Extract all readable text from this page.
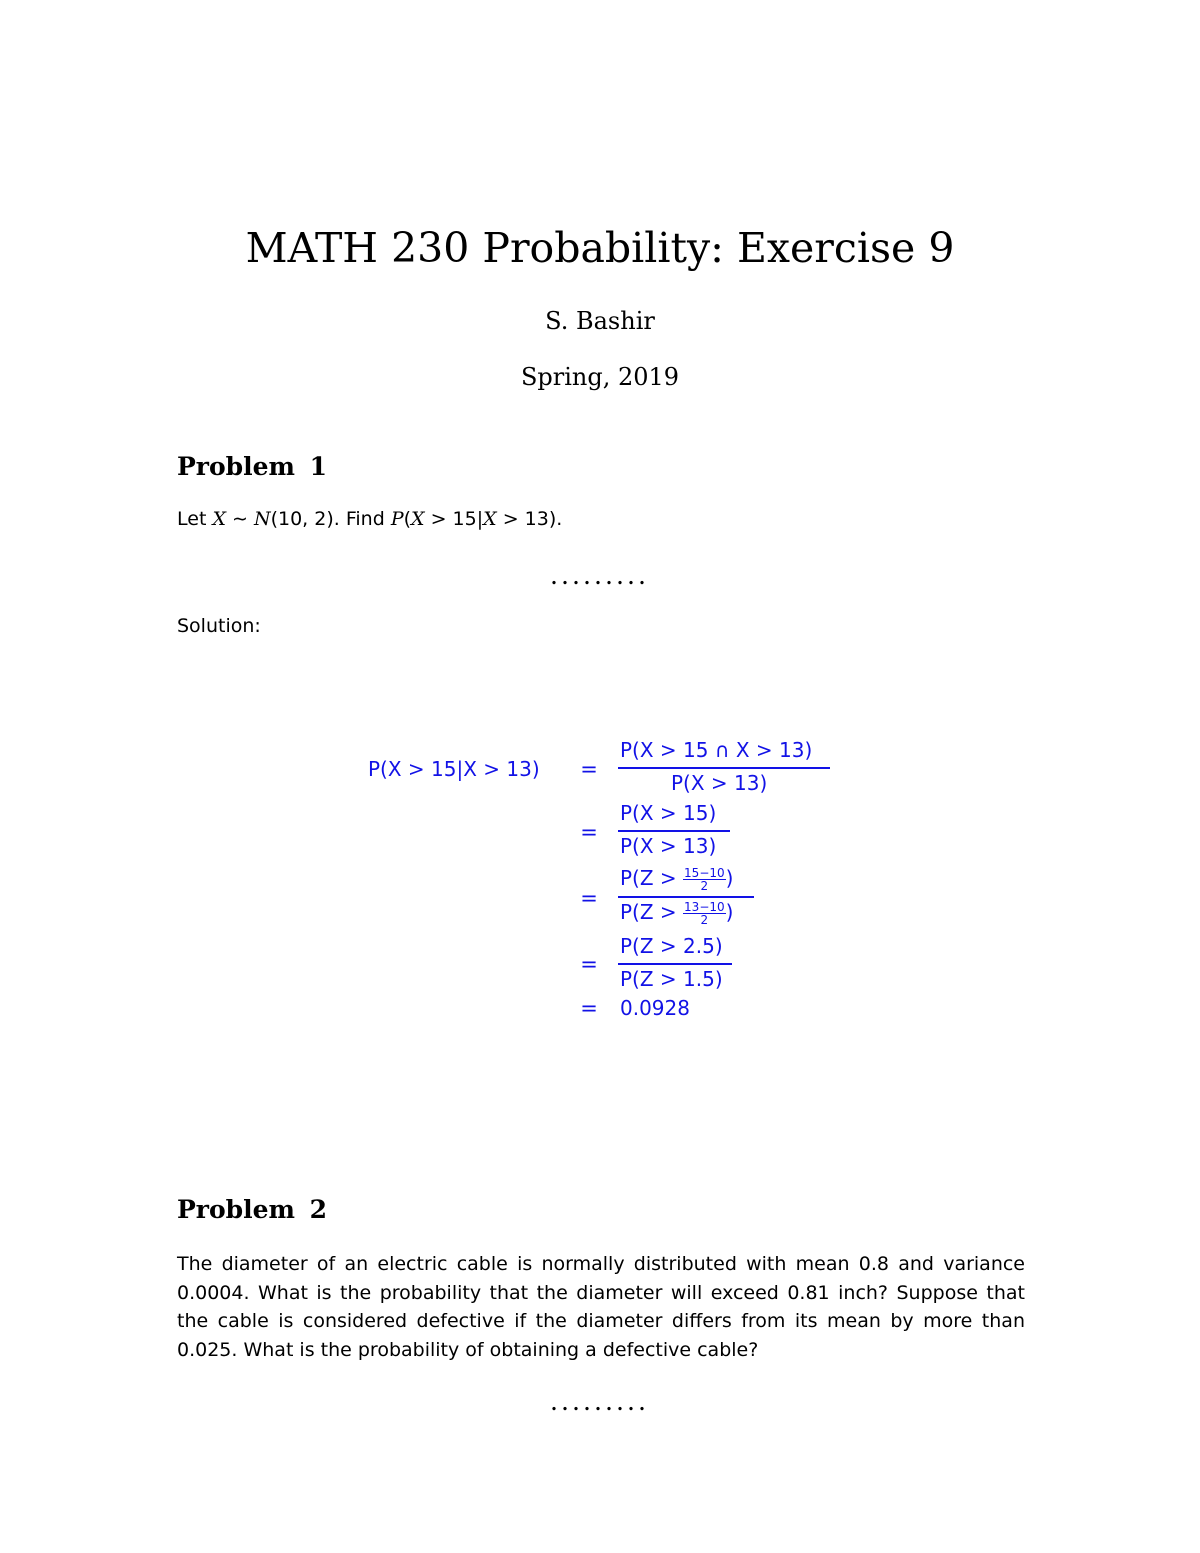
MATH 230 Probability: Exercise 9
S. Bashir
Spring, 2019
Problem 1
Let X ∼ N(10, 2). Find P(X > 15|X > 13).
.........
Solution:
P(X > 15|X > 13) =
P(X > 15 ∩ X > 13)
P(X > 13)
=
P(X > 15)
P(X > 13)
=
$P(Z > \frac{15-10}{2}$ )
$P(Z > \frac{13-10}{2}$ )
=
P(Z > 2.5)
P(Z > 1.5)
= 0.0928
Problem 2
The diameter of an electric cable is normally distributed with mean 0.8 and variance 0.0004. What is the probability that the diameter will exceed 0.81 inch? Suppose that the cable is considered defective if the diameter differs from its mean by more than 0.025. What is the probability of obtaining a defective cable?
.........
